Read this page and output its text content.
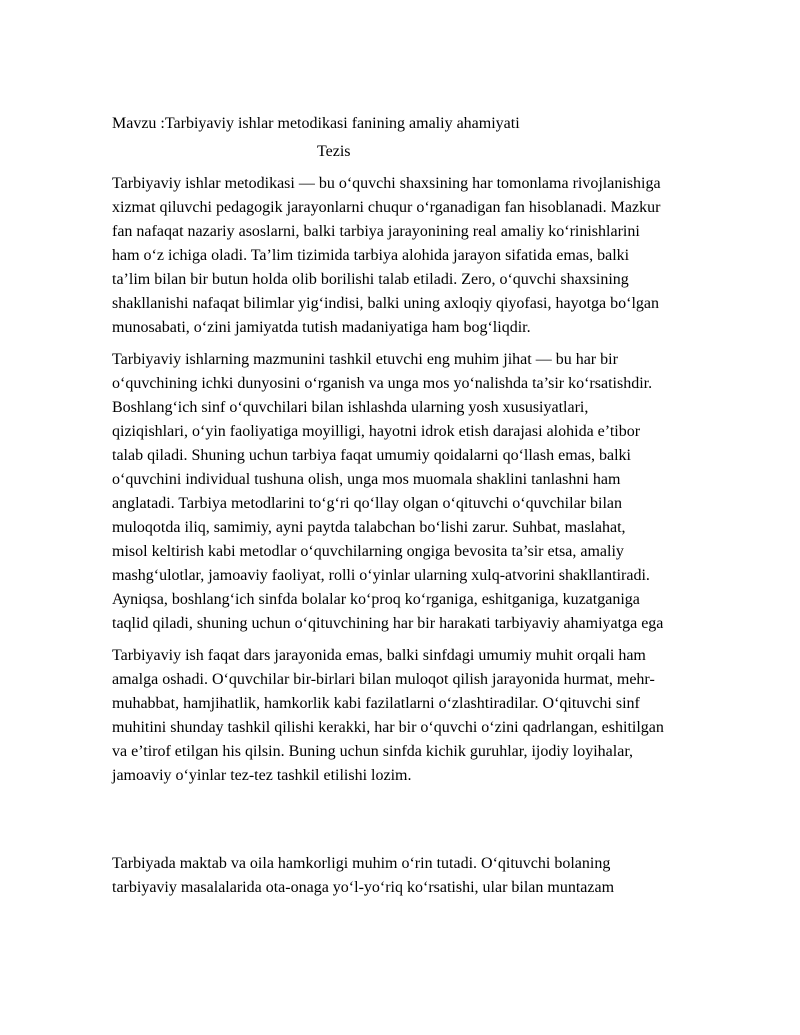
Mavzu :Tarbiyaviy ishlar metodikasi fanining amaliy ahamiyati
Tezis
Tarbiyaviy ishlar metodikasi — bu o‘quvchi shaxsining har tomonlama rivojlanishiga
xizmat qiluvchi pedagogik jarayonlarni chuqur o‘rganadigan fan hisoblanadi. Mazkur
fan nafaqat nazariy asoslarni, balki tarbiya jarayonining real amaliy ko‘rinishlarini
ham o‘z ichiga oladi. Ta’lim tizimida tarbiya alohida jarayon sifatida emas, balki
ta’lim bilan bir butun holda olib borilishi talab etiladi. Zero, o‘quvchi shaxsining
shakllanishi nafaqat bilimlar yig‘indisi, balki uning axloqiy qiyofasi, hayotga bo‘lgan
munosabati, o‘zini jamiyatda tutish madaniyatiga ham bog‘liqdir.
Tarbiyaviy ishlarning mazmunini tashkil etuvchi eng muhim jihat — bu har bir
o‘quvchining ichki dunyosini o‘rganish va unga mos yo‘nalishda ta’sir ko‘rsatishdir.
Boshlang‘ich sinf o‘quvchilari bilan ishlashda ularning yosh xususiyatlari,
qiziqishlari, o‘yin faoliyatiga moyilligi, hayotni idrok etish darajasi alohida e’tibor
talab qiladi. Shuning uchun tarbiya faqat umumiy qoidalarni qo‘llash emas, balki
o‘quvchini individual tushuna olish, unga mos muomala shaklini tanlashni ham
anglatadi. Tarbiya metodlarini to‘g‘ri qo‘llay olgan o‘qituvchi o‘quvchilar bilan
muloqotda iliq, samimiy, ayni paytda talabchan bo‘lishi zarur. Suhbat, maslahat,
misol keltirish kabi metodlar o‘quvchilarning ongiga bevosita ta’sir etsa, amaliy
mashg‘ulotlar, jamoaviy faoliyat, rolli o‘yinlar ularning xulq-atvorini shakllantiradi.
Ayniqsa, boshlang‘ich sinfda bolalar ko‘proq ko‘rganiga, eshitganiga, kuzatganiga
taqlid qiladi, shuning uchun o‘qituvchining har bir harakati tarbiyaviy ahamiyatga ega
Tarbiyaviy ish faqat dars jarayonida emas, balki sinfdagi umumiy muhit orqali ham
amalga oshadi. O‘quvchilar bir-birlari bilan muloqot qilish jarayonida hurmat, mehr-
muhabbat, hamjihatlik, hamkorlik kabi fazilatlarni o‘zlashtiradilar. O‘qituvchi sinf
muhitini shunday tashkil qilishi kerakki, har bir o‘quvchi o‘zini qadrlangan, eshitilgan
va e’tirof etilgan his qilsin. Buning uchun sinfda kichik guruhlar, ijodiy loyihalar,
jamoaviy o‘yinlar tez-tez tashkil etilishi lozim.
Tarbiyada maktab va oila hamkorligi muhim o‘rin tutadi. O‘qituvchi bolaning
tarbiyaviy masalalarida ota-onaga yo‘l-yo‘riq ko‘rsatishi, ular bilan muntazam
